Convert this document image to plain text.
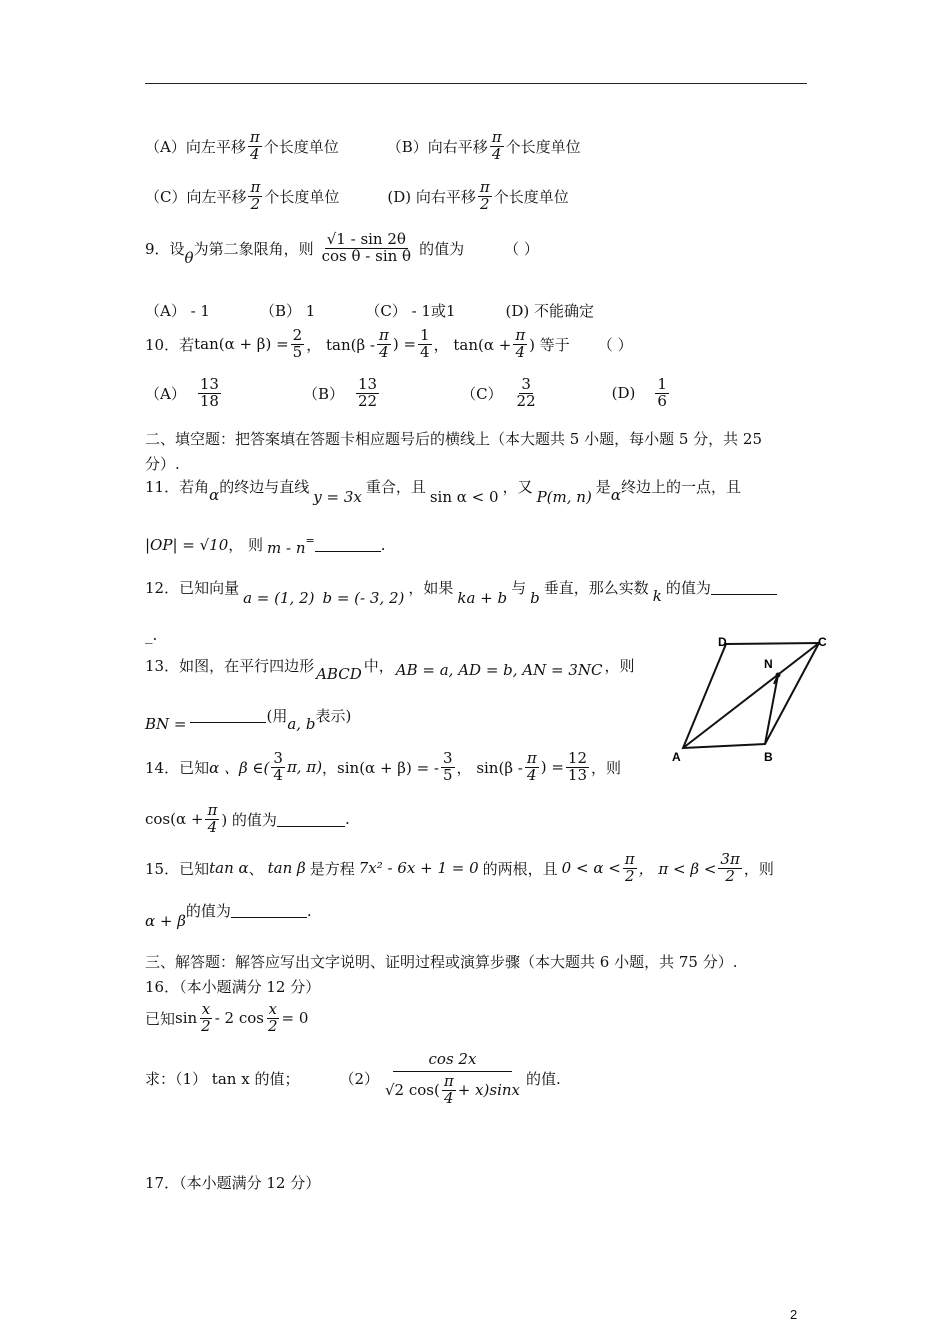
（A）向左平移 $\frac{\pi}{4}$ 个长度单位	（B）向右平移 $\frac{\pi}{4}$ 个长度单位
（C）向左平移 $\frac{\pi}{2}$ 个长度单位	(D) 向右平移 $\frac{\pi}{2}$ 个长度单位
9．设
θ
为第二象限角，则 $\frac{√1 - \sin 2\theta}{\text{cos θ - sin θ}}$ 的值为	（ ）
（A） - 1	（B） 1	（C） - 1或1	(D) 不能确定
10．若 $\tan(\alpha + \beta) = \frac{2}{5}$ ， $\tan(\beta - \frac{\pi}{4}$ ) = $\frac{1}{4}$ ， $\tan(\alpha + \frac{\pi}{4}$ ) 等于 （ ）
$(A) \frac{13}{18}$	$(B) \frac{13}{22}$	$(C) \frac{3}{22}$	$(D) \frac{1}{6}$
二、填空题：把答案填在答题卡相应题号后的横线上（本大题共 5 小题，每小题 5 分，共 25
分）.
11．若角 α 的终边与直线
y = 3x
重合，且
sin α < 0
，又
P(m, n)
是 α 终边上的一点，且
|OP| = √10 ， 则 m - n =	.
12．已知向量
a = (1, 2) b = (- 3, 2)
，如果
ka + b
与
b
垂直，那么实数 k 的值为
_.
13．如图，在平行四边形 ABCD 中， AB = a, AD = b, AN = 3NC ，则
BN =	(用 a, b 表示)
A	B
C
D
N
14．已知 α 、β ∈( $\frac{3}{4} \pi$, π) ，sin(α + β) = - $\frac{3}{5}$ ， $\sin(\beta - \frac{\pi}{4}$ ) = $\frac{12}{13}$ ，则
$\cos(\alpha + \frac{\pi}{4}$ ) 的值为	.
15．已知 tan α 、 tan β 是方程 7x² - 6x + 1 = 0 的两根，且 $0 < \alpha < \frac{\pi}{2}$ ， $\pi < \beta < \frac{3\pi}{2}$ ，则
α + β
的值为	.
三、解答题：解答应写出文字说明、证明过程或演算步骤（本大题共 6 小题，共 75 分）.
16．（本小题满分 12 分）
已知 $\sin \frac{x}{2} - 2$ $\cos \frac{x}{2} = 0$
求：（1） tan x 的值；	（2）
cos 2x
√2 $\cos( \frac{\pi}{4} + x)\sin x$
的值.
17．（本小题满分 12 分）
2
